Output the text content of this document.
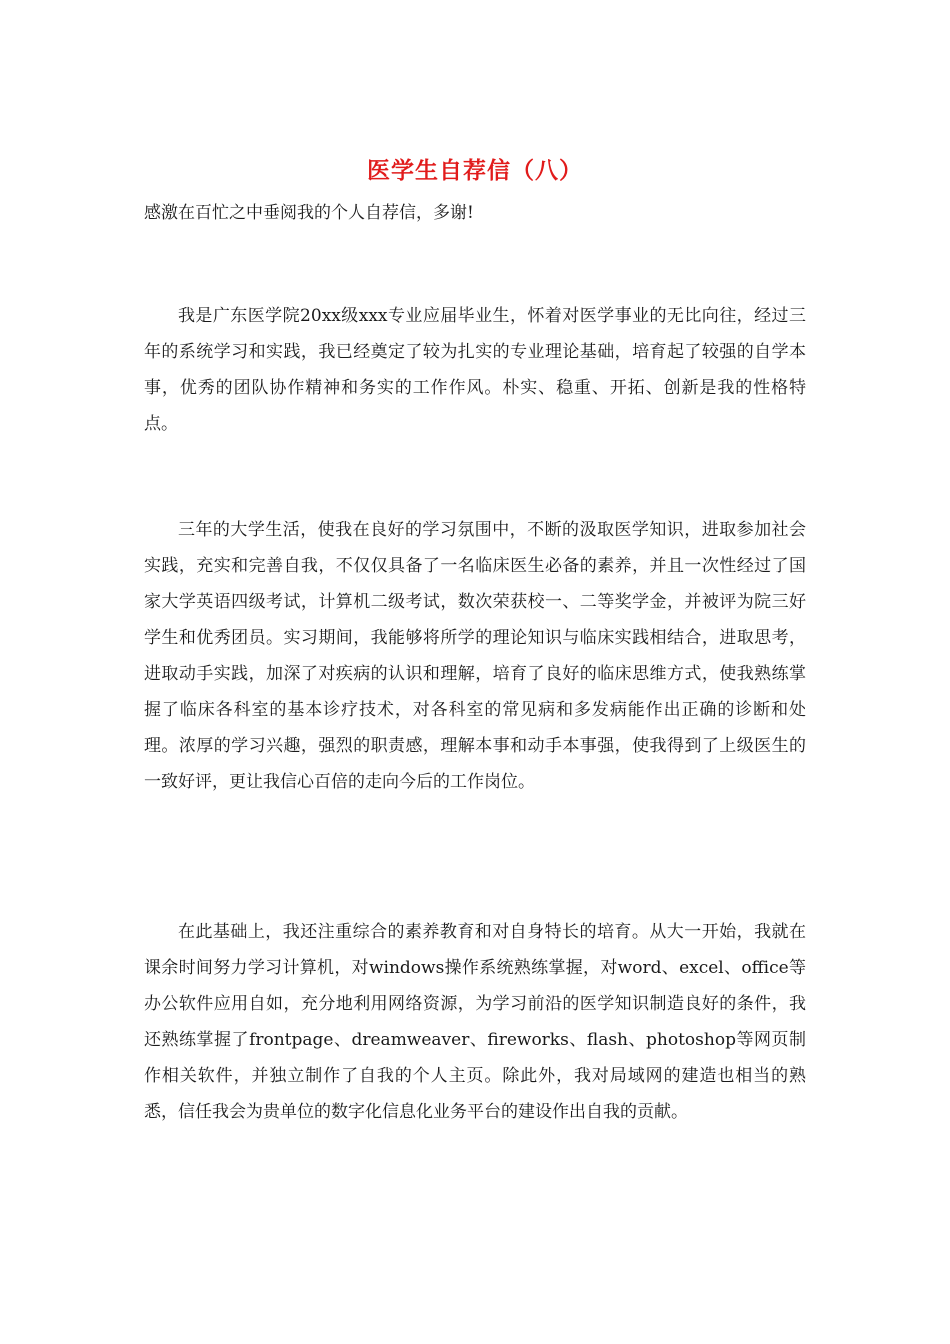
医学生自荐信（八）
感激在百忙之中垂阅我的个人自荐信，多谢!
我是广东医学院20xx级xxx专业应届毕业生，怀着对医学事业的无比向往，经过三年的系统学习和实践，我已经奠定了较为扎实的专业理论基础，培育起了较强的自学本事，优秀的团队协作精神和务实的工作作风。朴实、稳重、开拓、创新是我的性格特点。
三年的大学生活，使我在良好的学习氛围中，不断的汲取医学知识，进取参加社会实践，充实和完善自我，不仅仅具备了一名临床医生必备的素养，并且一次性经过了国家大学英语四级考试，计算机二级考试，数次荣获校一、二等奖学金，并被评为院三好学生和优秀团员。实习期间，我能够将所学的理论知识与临床实践相结合，进取思考，进取动手实践，加深了对疾病的认识和理解，培育了良好的临床思维方式，使我熟练掌握了临床各科室的基本诊疗技术，对各科室的常见病和多发病能作出正确的诊断和处理。浓厚的学习兴趣，强烈的职责感，理解本事和动手本事强，使我得到了上级医生的一致好评，更让我信心百倍的走向今后的工作岗位。
在此基础上，我还注重综合的素养教育和对自身特长的培育。从大一开始，我就在课余时间努力学习计算机，对windows操作系统熟练掌握，对word、excel、office等办公软件应用自如，充分地利用网络资源，为学习前沿的医学知识制造良好的条件，我还熟练掌握了frontpage、dreamweaver、fireworks、flash、photoshop等网页制作相关软件，并独立制作了自我的个人主页。除此外，我对局域网的建造也相当的熟悉，信任我会为贵单位的数字化信息化业务平台的建设作出自我的贡献。
